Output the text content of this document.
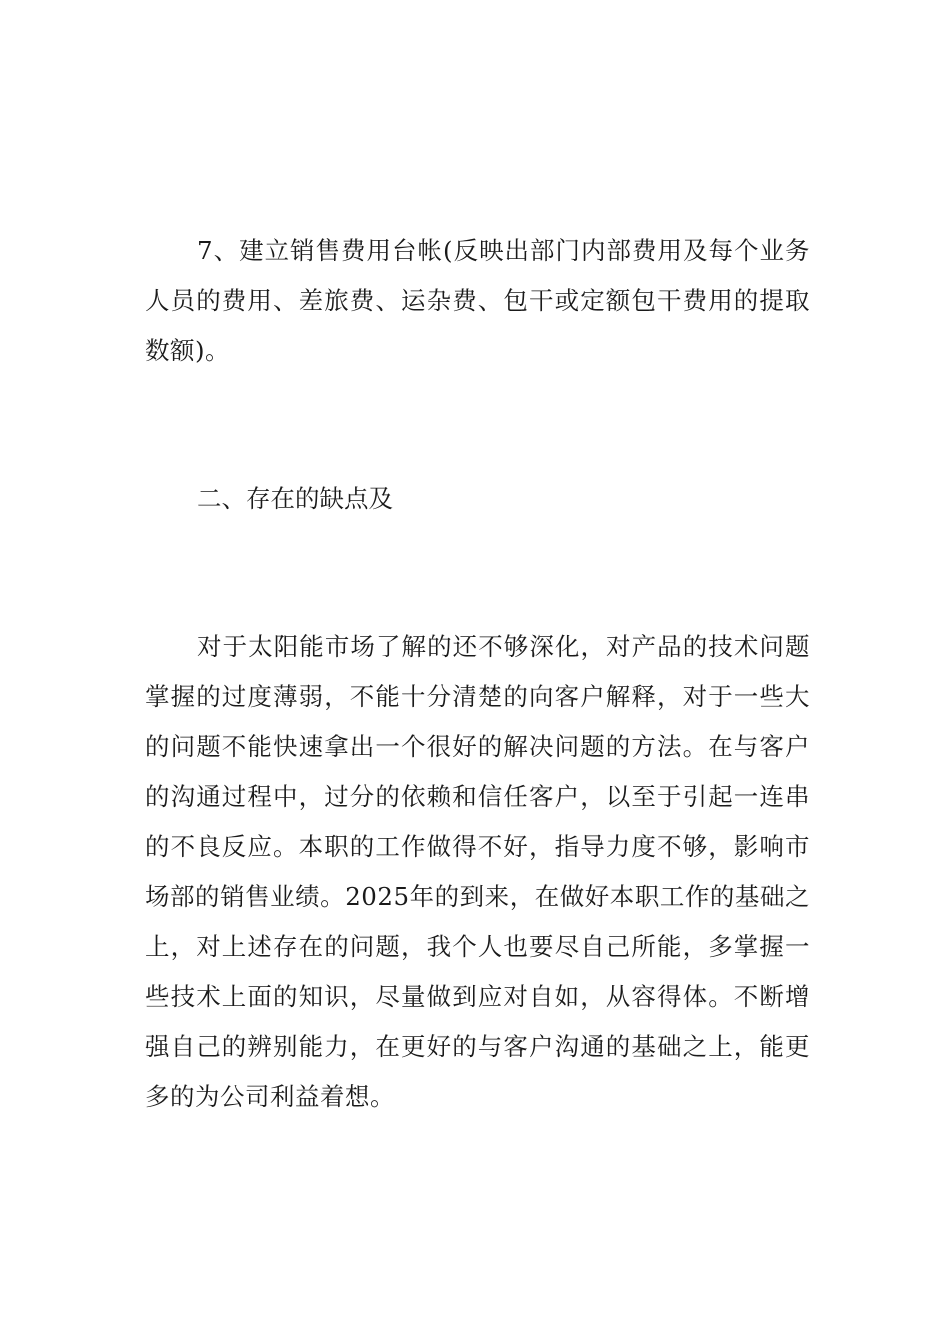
7、建立销售费用台帐(反映出部门内部费用及每个业务人员的费用、差旅费、运杂费、包干或定额包干费用的提取数额)。

二、存在的缺点及

对于太阳能市场了解的还不够深化，对产品的技术问题掌握的过度薄弱，不能十分清楚的向客户解释，对于一些大的问题不能快速拿出一个很好的解决问题的方法。在与客户的沟通过程中，过分的依赖和信任客户，以至于引起一连串的不良反应。本职的工作做得不好，指导力度不够，影响市场部的销售业绩。2025年的到来，在做好本职工作的基础之上，对上述存在的问题，我个人也要尽自己所能，多掌握一些技术上面的知识，尽量做到应对自如，从容得体。不断增强自己的辨别能力，在更好的与客户沟通的基础之上，能更多的为公司利益着想。
